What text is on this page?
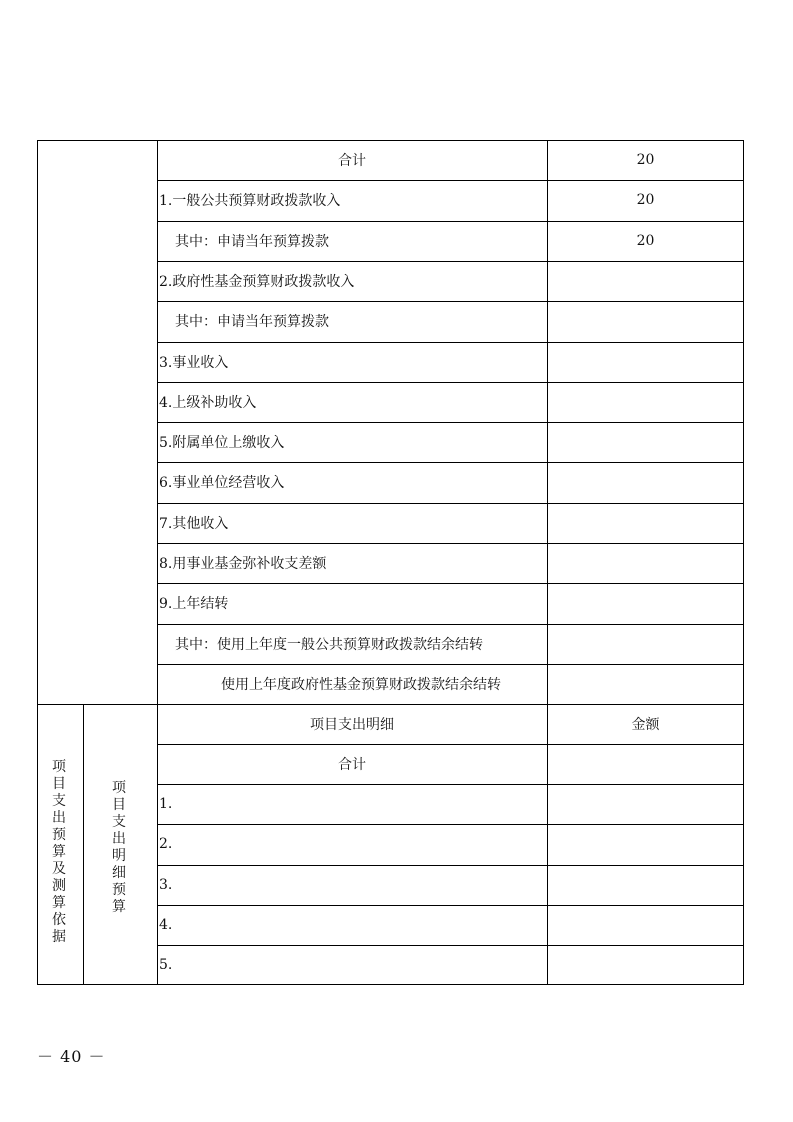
合计	20
1.一般公共预算财政拨款收入	20
其中：申请当年预算拨款	20
2.政府性基金预算财政拨款收入
其中：申请当年预算拨款
3.事业收入
4.上级补助收入
5.附属单位上缴收入
6.事业单位经营收入
7.其他收入
8.用事业基金弥补收支差额
9.上年结转
其中：使用上年度一般公共预算财政拨款结余结转
使用上年度政府性基金预算财政拨款结余结转
项目支出预算及测算依据
项目支出明细预算
项目支出明细	金额
合计
1.
2.
3.
4.
5.
－ 40 －
